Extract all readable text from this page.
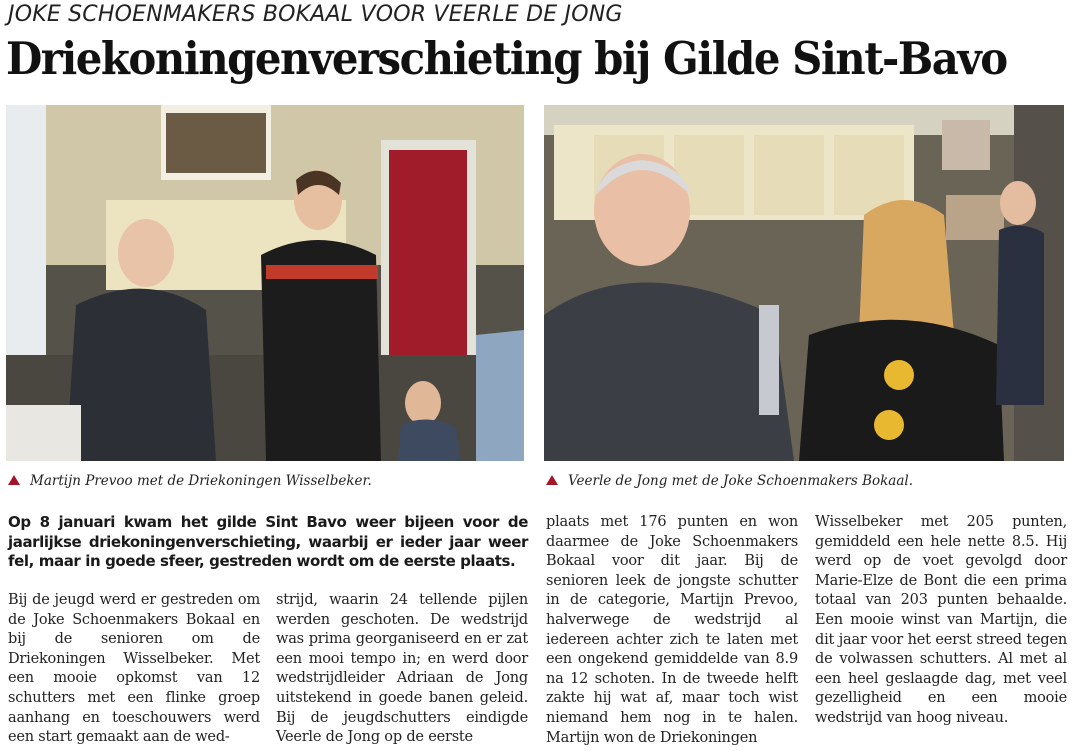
JOKE SCHOENMAKERS BOKAAL VOOR VEERLE DE JONG
Driekoningenverschieting bij Gilde Sint-Bavo
Martijn Prevoo met de Driekoningen Wisselbeker.	Veerle de Jong met de Joke Schoenmakers Bokaal.
Op 8 januari kwam het gilde Sint Bavo weer bijeen voor de jaarlijkse driekoningenverschieting, waarbij er ieder jaar weer fel, maar in goede sfeer, gestreden wordt om de eerste plaats.
Bij de jeugd werd er gestreden om de Joke Schoenmakers Bokaal en bij de senioren om de Driekoningen Wisselbeker. Met een mooie opkomst van 12 schutters met een flinke groep aanhang en toeschouwers werd een start gemaakt aan de wed-
strijd, waarin 24 tellende pijlen werden geschoten. De wedstrijd was prima georganiseerd en er zat een mooi tempo in; en werd door wedstrijdleider Adriaan de Jong uitstekend in goede banen geleid. Bij de jeugdschutters eindigde Veerle de Jong op de eerste
plaats met 176 punten en won daarmee de Joke Schoenmakers Bokaal voor dit jaar. Bij de senioren leek de jongste schutter in de categorie, Martijn Prevoo, halverwege de wedstrijd al iedereen achter zich te laten met een ongekend gemiddelde van 8.9 na 12 schoten. In de tweede helft zakte hij wat af, maar toch wist niemand hem nog in te halen. Martijn won de Driekoningen
Wisselbeker met 205 punten, gemiddeld een hele nette 8.5. Hij werd op de voet gevolgd door Marie-Elze de Bont die een prima totaal van 203 punten behaalde. Een mooie winst van Martijn, die dit jaar voor het eerst streed tegen de volwassen schutters. Al met al een heel geslaagde dag, met veel gezelligheid en een mooie wedstrijd van hoog niveau.
